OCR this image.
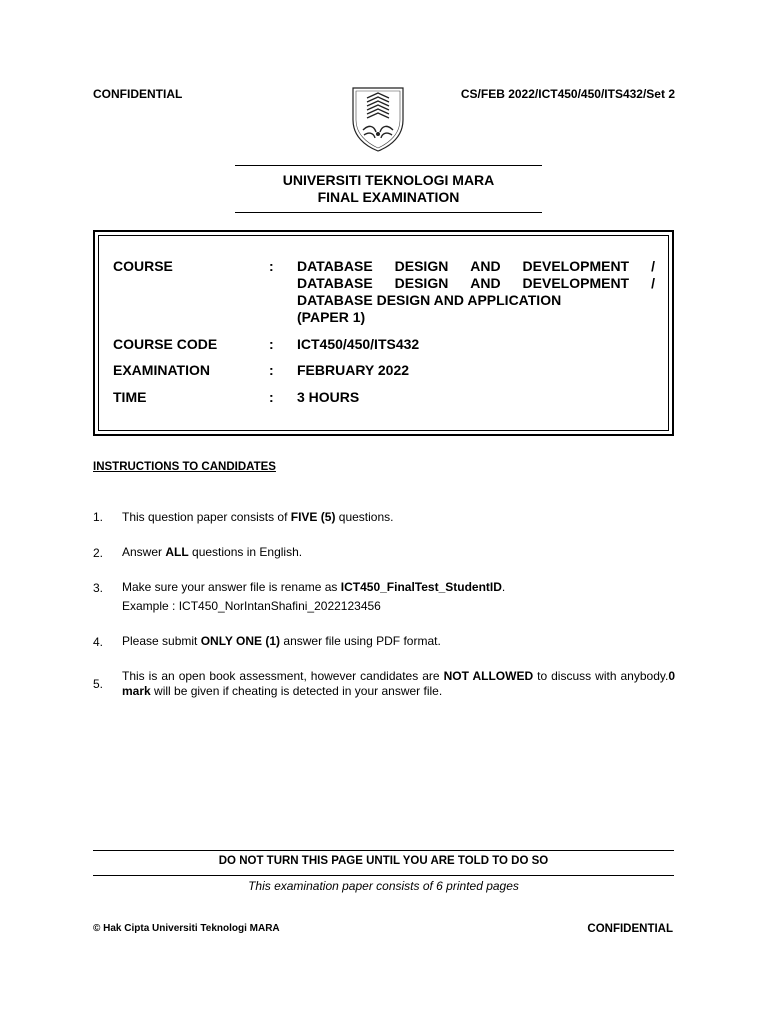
CONFIDENTIAL	CS/FEB 2022/ICT450/450/ITS432/Set 2
UNIVERSITI TEKNOLOGI MARA
FINAL EXAMINATION
COURSE	: DATABASE DESIGN AND DEVELOPMENT /
DATABASE DESIGN AND DEVELOPMENT /
DATABASE DESIGN AND APPLICATION
(PAPER 1)
COURSE CODE	: ICT450/450/ITS432
EXAMINATION	: FEBRUARY 2022
TIME	: 3 HOURS
INSTRUCTIONS TO CANDIDATES
1. This question paper consists of FIVE (5) questions.
2. Answer ALL questions in English.
3. Make sure your answer file is rename as ICT450_FinalTest_StudentID.
Example : ICT450_NorIntanShafini_2022123456
4. Please submit ONLY ONE (1) answer file using PDF format.
5.
This is an open book assessment, however candidates are NOT ALLOWED to discuss with anybody.0 mark will be given if cheating is detected in your answer file.
DO NOT TURN THIS PAGE UNTIL YOU ARE TOLD TO DO SO
This examination paper consists of 6 printed pages
© Hak Cipta Universiti Teknologi MARA	CONFIDENTIAL
